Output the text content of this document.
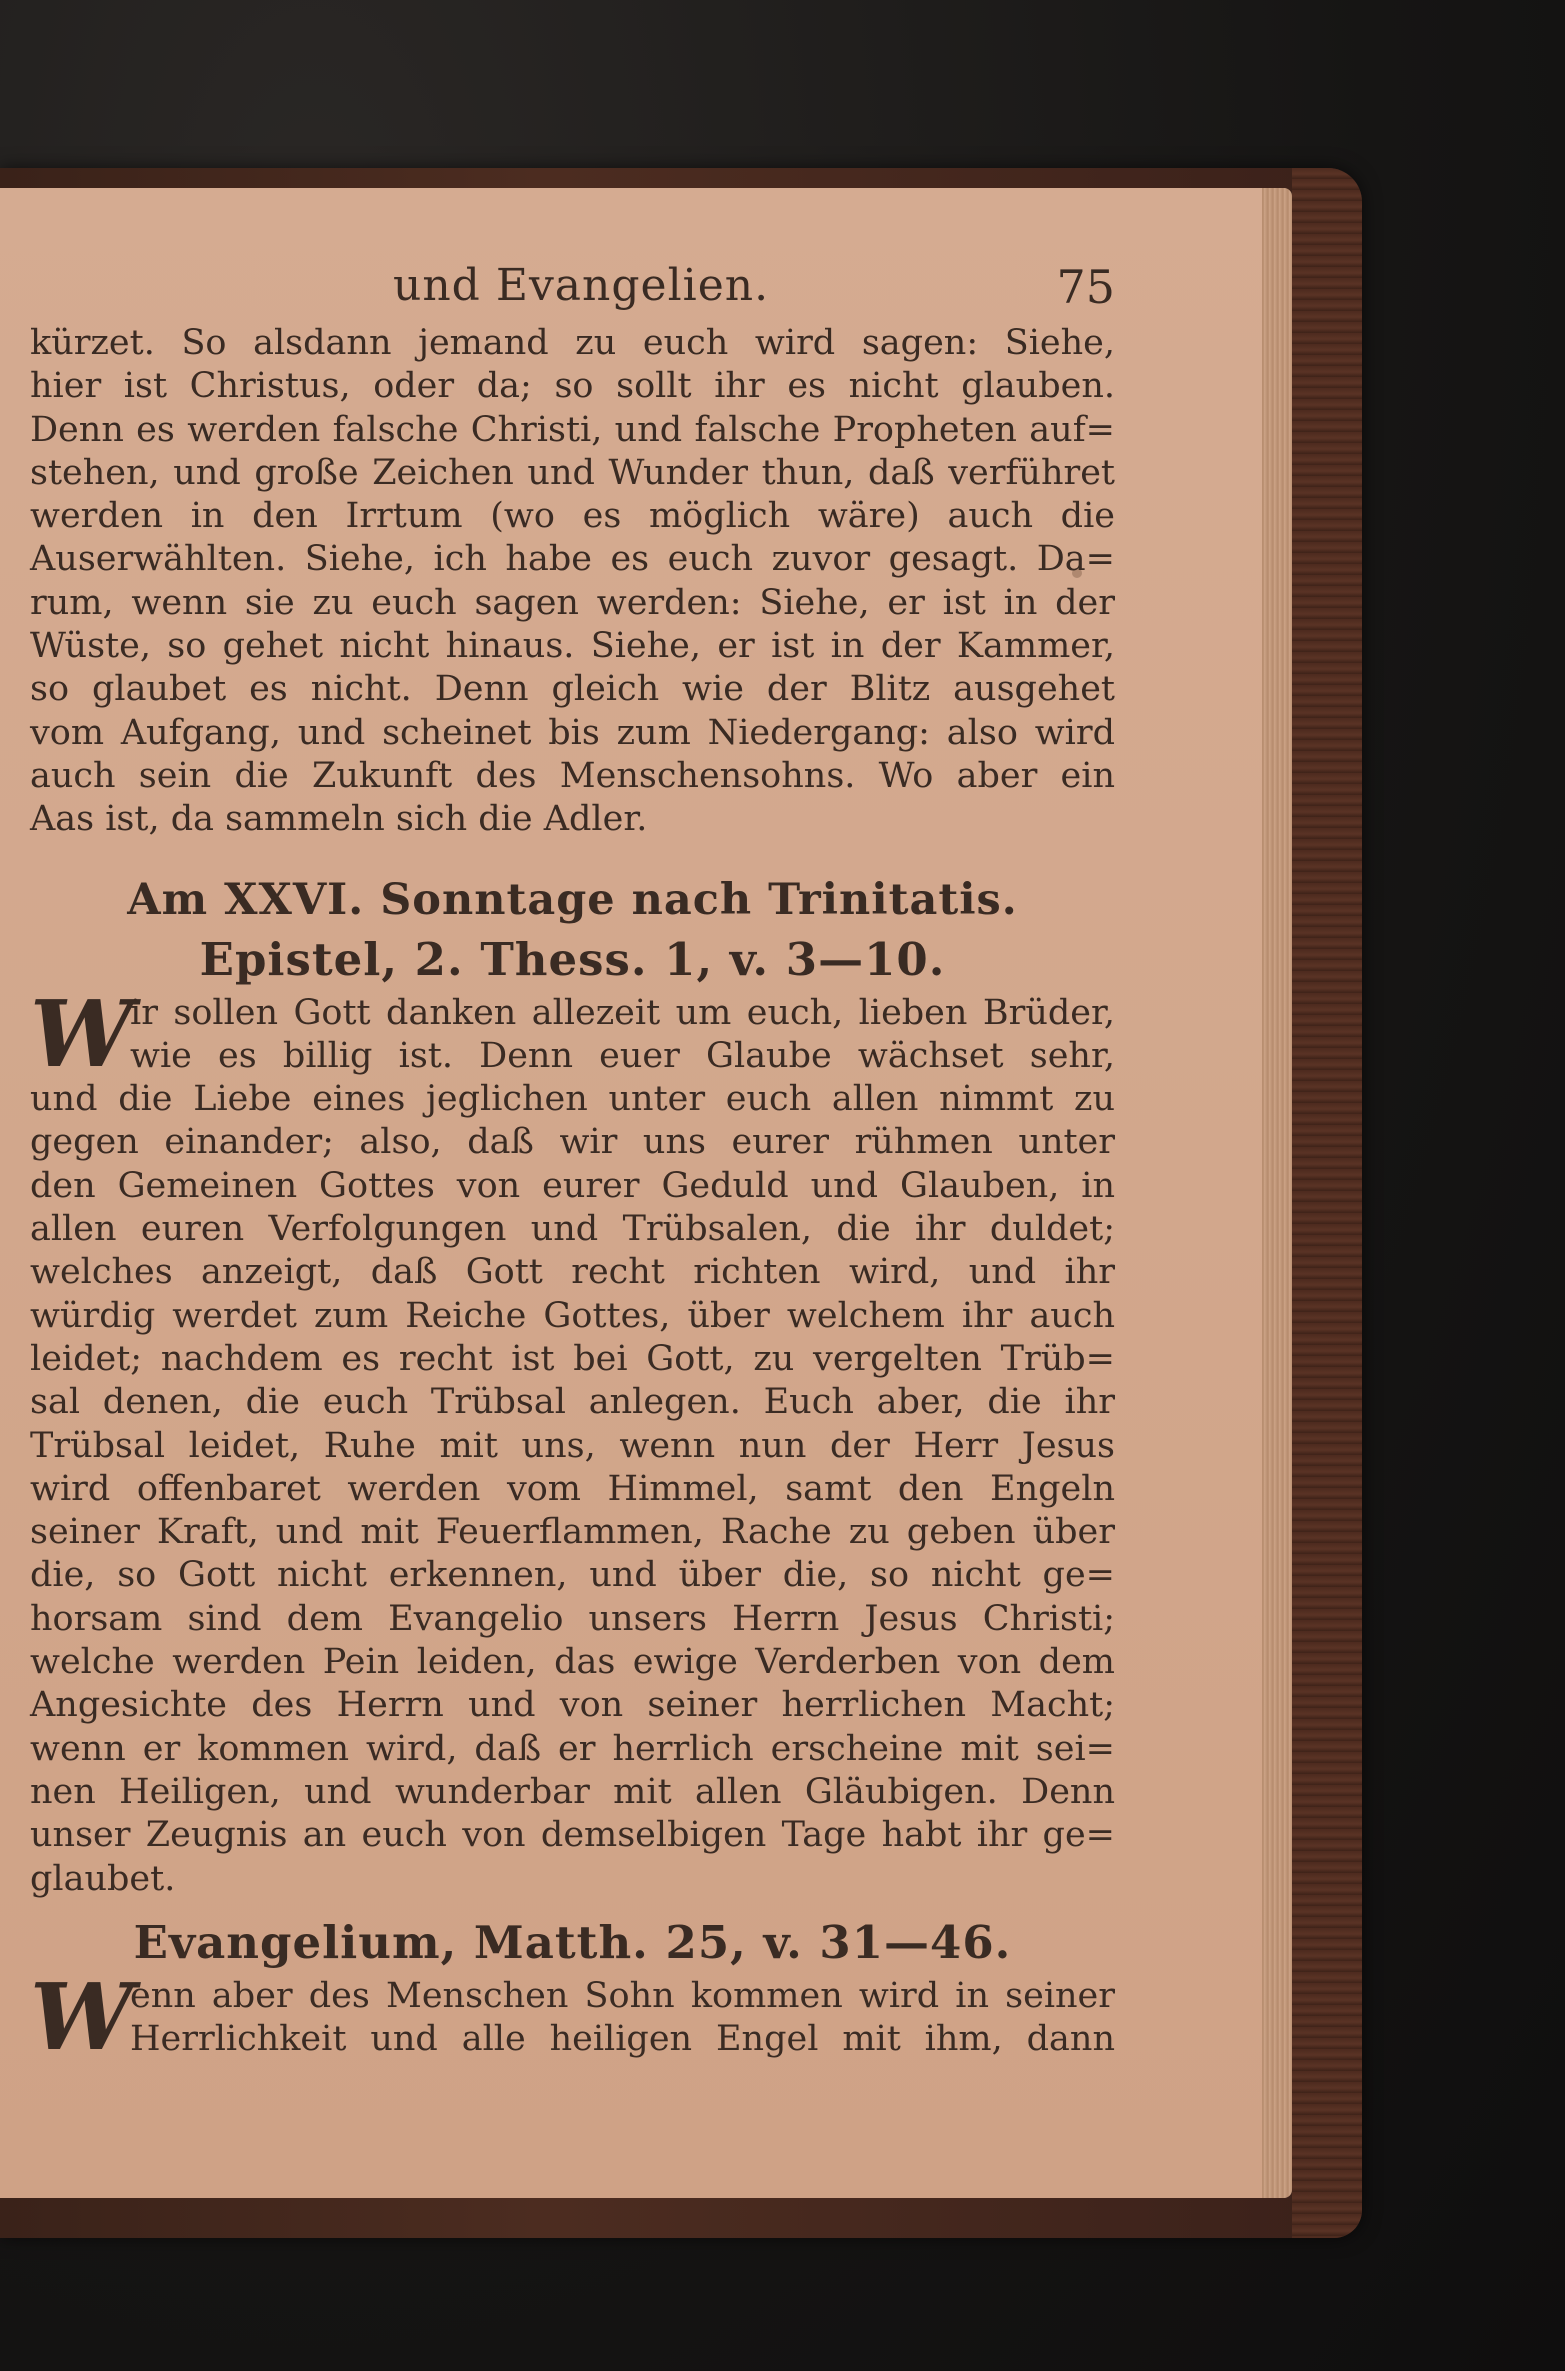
und Evangelien.	75
kürzet. So alsdann jemand zu euch wird sagen: Siehe,
hier ist Christus, oder da; so sollt ihr es nicht glauben.
Denn es werden falsche Christi, und falsche Propheten auf=
stehen, und große Zeichen und Wunder thun, daß verführet
werden in den Irrtum (wo es möglich wäre) auch die
Auserwählten. Siehe, ich habe es euch zuvor gesagt. Da=
rum, wenn sie zu euch sagen werden: Siehe, er ist in der
Wüste, so gehet nicht hinaus. Siehe, er ist in der Kammer,
so glaubet es nicht. Denn gleich wie der Blitz ausgehet
vom Aufgang, und scheinet bis zum Niedergang: also wird
auch sein die Zukunft des Menschensohns. Wo aber ein
Aas ist, da sammeln sich die Adler.
Am XXVI. Sonntage nach Trinitatis.
Epistel, 2. Thess. 1, v. 3—10.
W
ir sollen Gott danken allezeit um euch, lieben Brüder,
wie es billig ist. Denn euer Glaube wächset sehr,
und die Liebe eines jeglichen unter euch allen nimmt zu
gegen einander; also, daß wir uns eurer rühmen unter
den Gemeinen Gottes von eurer Geduld und Glauben, in
allen euren Verfolgungen und Trübsalen, die ihr duldet;
welches anzeigt, daß Gott recht richten wird, und ihr
würdig werdet zum Reiche Gottes, über welchem ihr auch
leidet; nachdem es recht ist bei Gott, zu vergelten Trüb=
sal denen, die euch Trübsal anlegen. Euch aber, die ihr
Trübsal leidet, Ruhe mit uns, wenn nun der Herr Jesus
wird offenbaret werden vom Himmel, samt den Engeln
seiner Kraft, und mit Feuerflammen, Rache zu geben über
die, so Gott nicht erkennen, und über die, so nicht ge=
horsam sind dem Evangelio unsers Herrn Jesus Christi;
welche werden Pein leiden, das ewige Verderben von dem
Angesichte des Herrn und von seiner herrlichen Macht;
wenn er kommen wird, daß er herrlich erscheine mit sei=
nen Heiligen, und wunderbar mit allen Gläubigen. Denn
unser Zeugnis an euch von demselbigen Tage habt ihr ge=
glaubet.
Evangelium, Matth. 25, v. 31—46.
W
enn aber des Menschen Sohn kommen wird in seiner
Herrlichkeit und alle heiligen Engel mit ihm, dann
